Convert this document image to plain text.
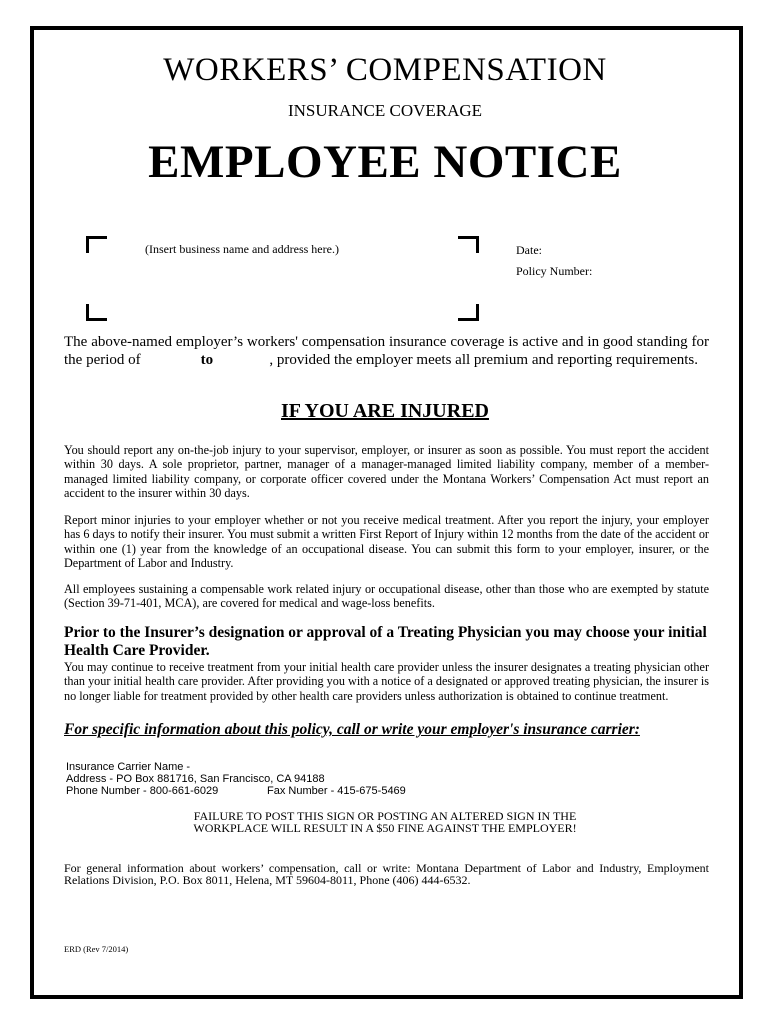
WORKERS’ COMPENSATION
INSURANCE COVERAGE
EMPLOYEE NOTICE
(Insert business name and address here.)	Date:
Policy Number:
The above-named employer’s workers' compensation insurance coverage is active and in good standing for the period of	to	, provided the employer meets all premium and reporting requirements.
IF YOU ARE INJURED
You should report any on-the-job injury to your supervisor, employer, or insurer as soon as possible. You must report the accident within 30 days. A sole proprietor, partner, manager of a manager-managed limited liability company, member of a member-managed limited liability company, or corporate officer covered under the Montana Workers’ Compensation Act must report an accident to the insurer within 30 days.
Report minor injuries to your employer whether or not you receive medical treatment. After you report the injury, your employer has 6 days to notify their insurer. You must submit a written First Report of Injury within 12 months from the date of the accident or within one (1) year from the knowledge of an occupational disease. You can submit this form to your employer, insurer, or the Department of Labor and Industry.
All employees sustaining a compensable work related injury or occupational disease, other than those who are exempted by statute (Section 39-71-401, MCA), are covered for medical and wage-loss benefits.
Prior to the Insurer’s designation or approval of a Treating Physician you may choose your initial Health Care Provider.
You may continue to receive treatment from your initial health care provider unless the insurer designates a treating physician other than your initial health care provider. After providing you with a notice of a designated or approved treating physician, the insurer is no longer liable for treatment provided by other health care providers unless authorization is obtained to continue treatment.
For specific information about this policy, call or write your employer's insurance carrier:
Insurance Carrier Name -
Address - PO Box 881716, San Francisco, CA 94188
Phone Number - 800-661-6029	Fax Number - 415-675-5469
FAILURE TO POST THIS SIGN OR POSTING AN ALTERED SIGN IN THE
WORKPLACE WILL RESULT IN A $50 FINE AGAINST THE EMPLOYER!
For general information about workers’ compensation, call or write: Montana Department of Labor and Industry, Employment Relations Division, P.O. Box 8011, Helena, MT 59604-8011, Phone (406) 444-6532.
ERD (Rev 7/2014)
